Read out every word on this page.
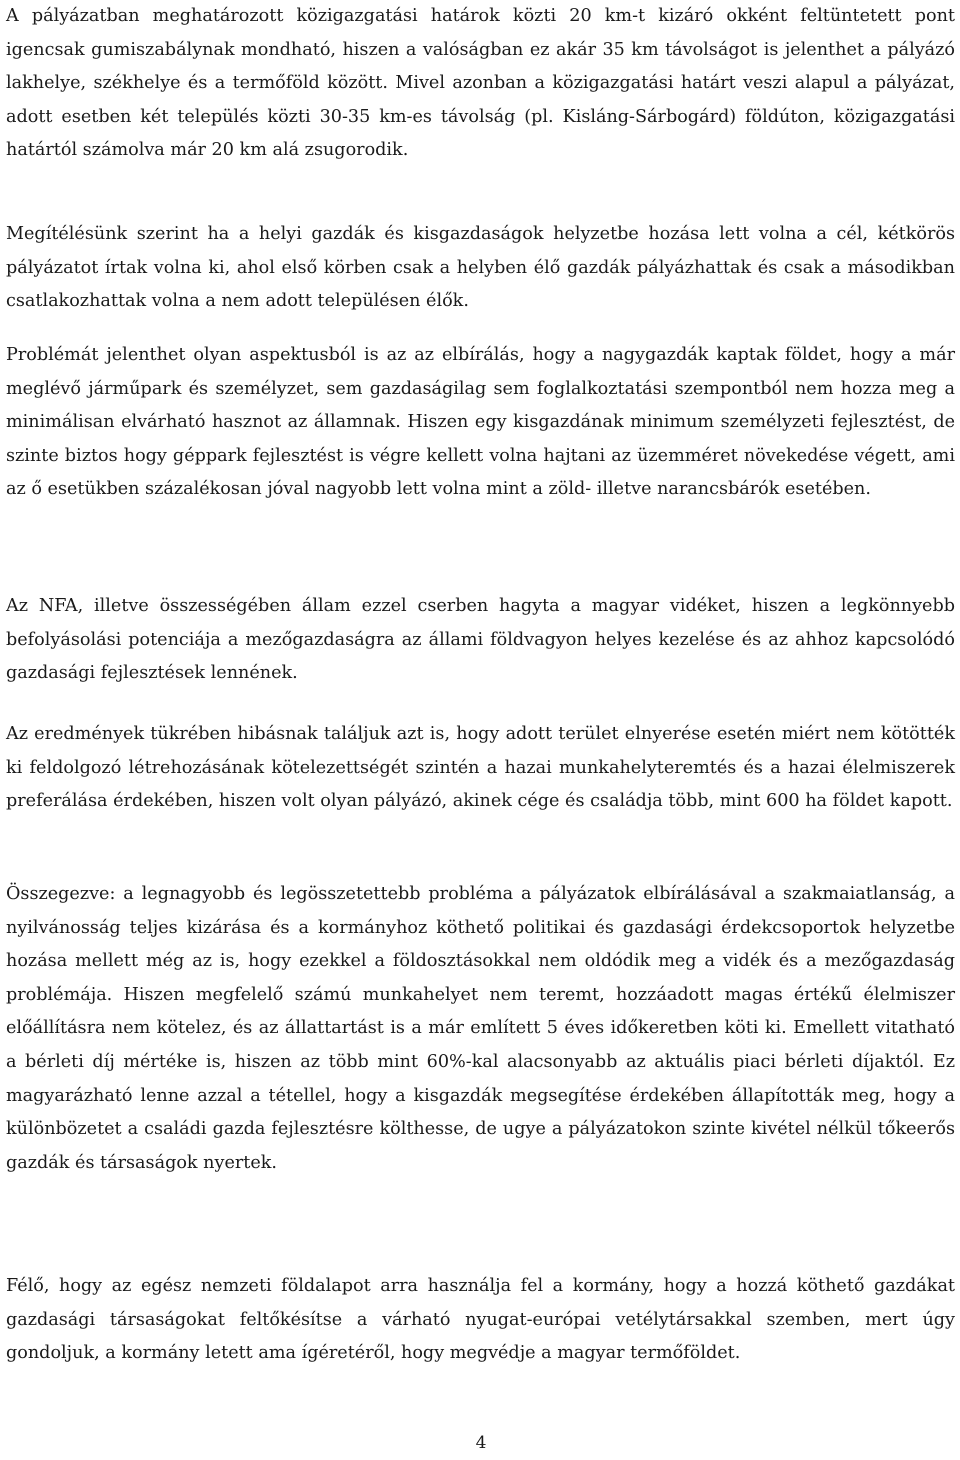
A pályázatban meghatározott közigazgatási határok közti 20 km-t kizáró okként feltüntetett pont igencsak gumiszabálynak mondható, hiszen a valóságban ez akár 35 km távolságot is jelenthet a pályázó lakhelye, székhelye és a termőföld között. Mivel azonban a közigazgatási határt veszi alapul a pályázat, adott esetben két település közti 30-35 km-es távolság (pl. Kisláng-Sárbogárd) földúton, közigazgatási határtól számolva már 20 km alá zsugorodik.

Megítélésünk szerint ha a helyi gazdák és kisgazdaságok helyzetbe hozása lett volna a cél, kétkörös pályázatot írtak volna ki, ahol első körben csak a helyben élő gazdák pályázhattak és csak a másodikban csatlakozhattak volna a nem adott településen élők.

Problémát jelenthet olyan aspektusból is az az elbírálás, hogy a nagygazdák kaptak földet, hogy a már meglévő járműpark és személyzet, sem gazdaságilag sem foglalkoztatási szempontból nem hozza meg a minimálisan elvárható hasznot az államnak. Hiszen egy kisgazdának minimum személyzeti fejlesztést, de szinte biztos hogy géppark fejlesztést is végre kellett volna hajtani az üzemméret növekedése végett, ami az ő esetükben százalékosan jóval nagyobb lett volna mint a zöld- illetve narancsbárók esetében.

Az NFA, illetve összességében állam ezzel cserben hagyta a magyar vidéket, hiszen a legkönnyebb befolyásolási potenciája a mezőgazdaságra az állami földvagyon helyes kezelése és az ahhoz kapcsolódó gazdasági fejlesztések lennének.

Az eredmények tükrében hibásnak találjuk azt is, hogy adott terület elnyerése esetén miért nem kötötték ki feldolgozó létrehozásának kötelezettségét szintén a hazai munkahelyteremtés és a hazai élelmiszerek preferálása érdekében, hiszen volt olyan pályázó, akinek cége és családja több, mint 600 ha földet kapott.

Összegezve: a legnagyobb és legösszetettebb probléma a pályázatok elbírálásával a szakmaiatlanság, a nyilvánosság teljes kizárása és a kormányhoz köthető politikai és gazdasági érdekcsoportok helyzetbe hozása mellett még az is, hogy ezekkel a földosztásokkal nem oldódik meg a vidék és a mezőgazdaság problémája. Hiszen megfelelő számú munkahelyet nem teremt, hozzáadott magas értékű élelmiszer előállításra nem kötelez, és az állattartást is a már említett 5 éves időkeretben köti ki. Emellett vitatható a bérleti díj mértéke is, hiszen az több mint 60%-kal alacsonyabb az aktuális piaci bérleti díjaktól. Ez magyarázható lenne azzal a tétellel, hogy a kisgazdák megsegítése érdekében állapították meg, hogy a különbözetet a családi gazda fejlesztésre költhesse, de ugye a pályázatokon szinte kivétel nélkül tőkeerős gazdák és társaságok nyertek.

Félő, hogy az egész nemzeti földalapot arra használja fel a kormány, hogy a hozzá köthető gazdákat gazdasági társaságokat feltőkésítse a várható nyugat-európai vetélytársakkal szemben, mert úgy gondoljuk, a kormány letett ama ígéretéről, hogy megvédje a magyar termőföldet.

4
